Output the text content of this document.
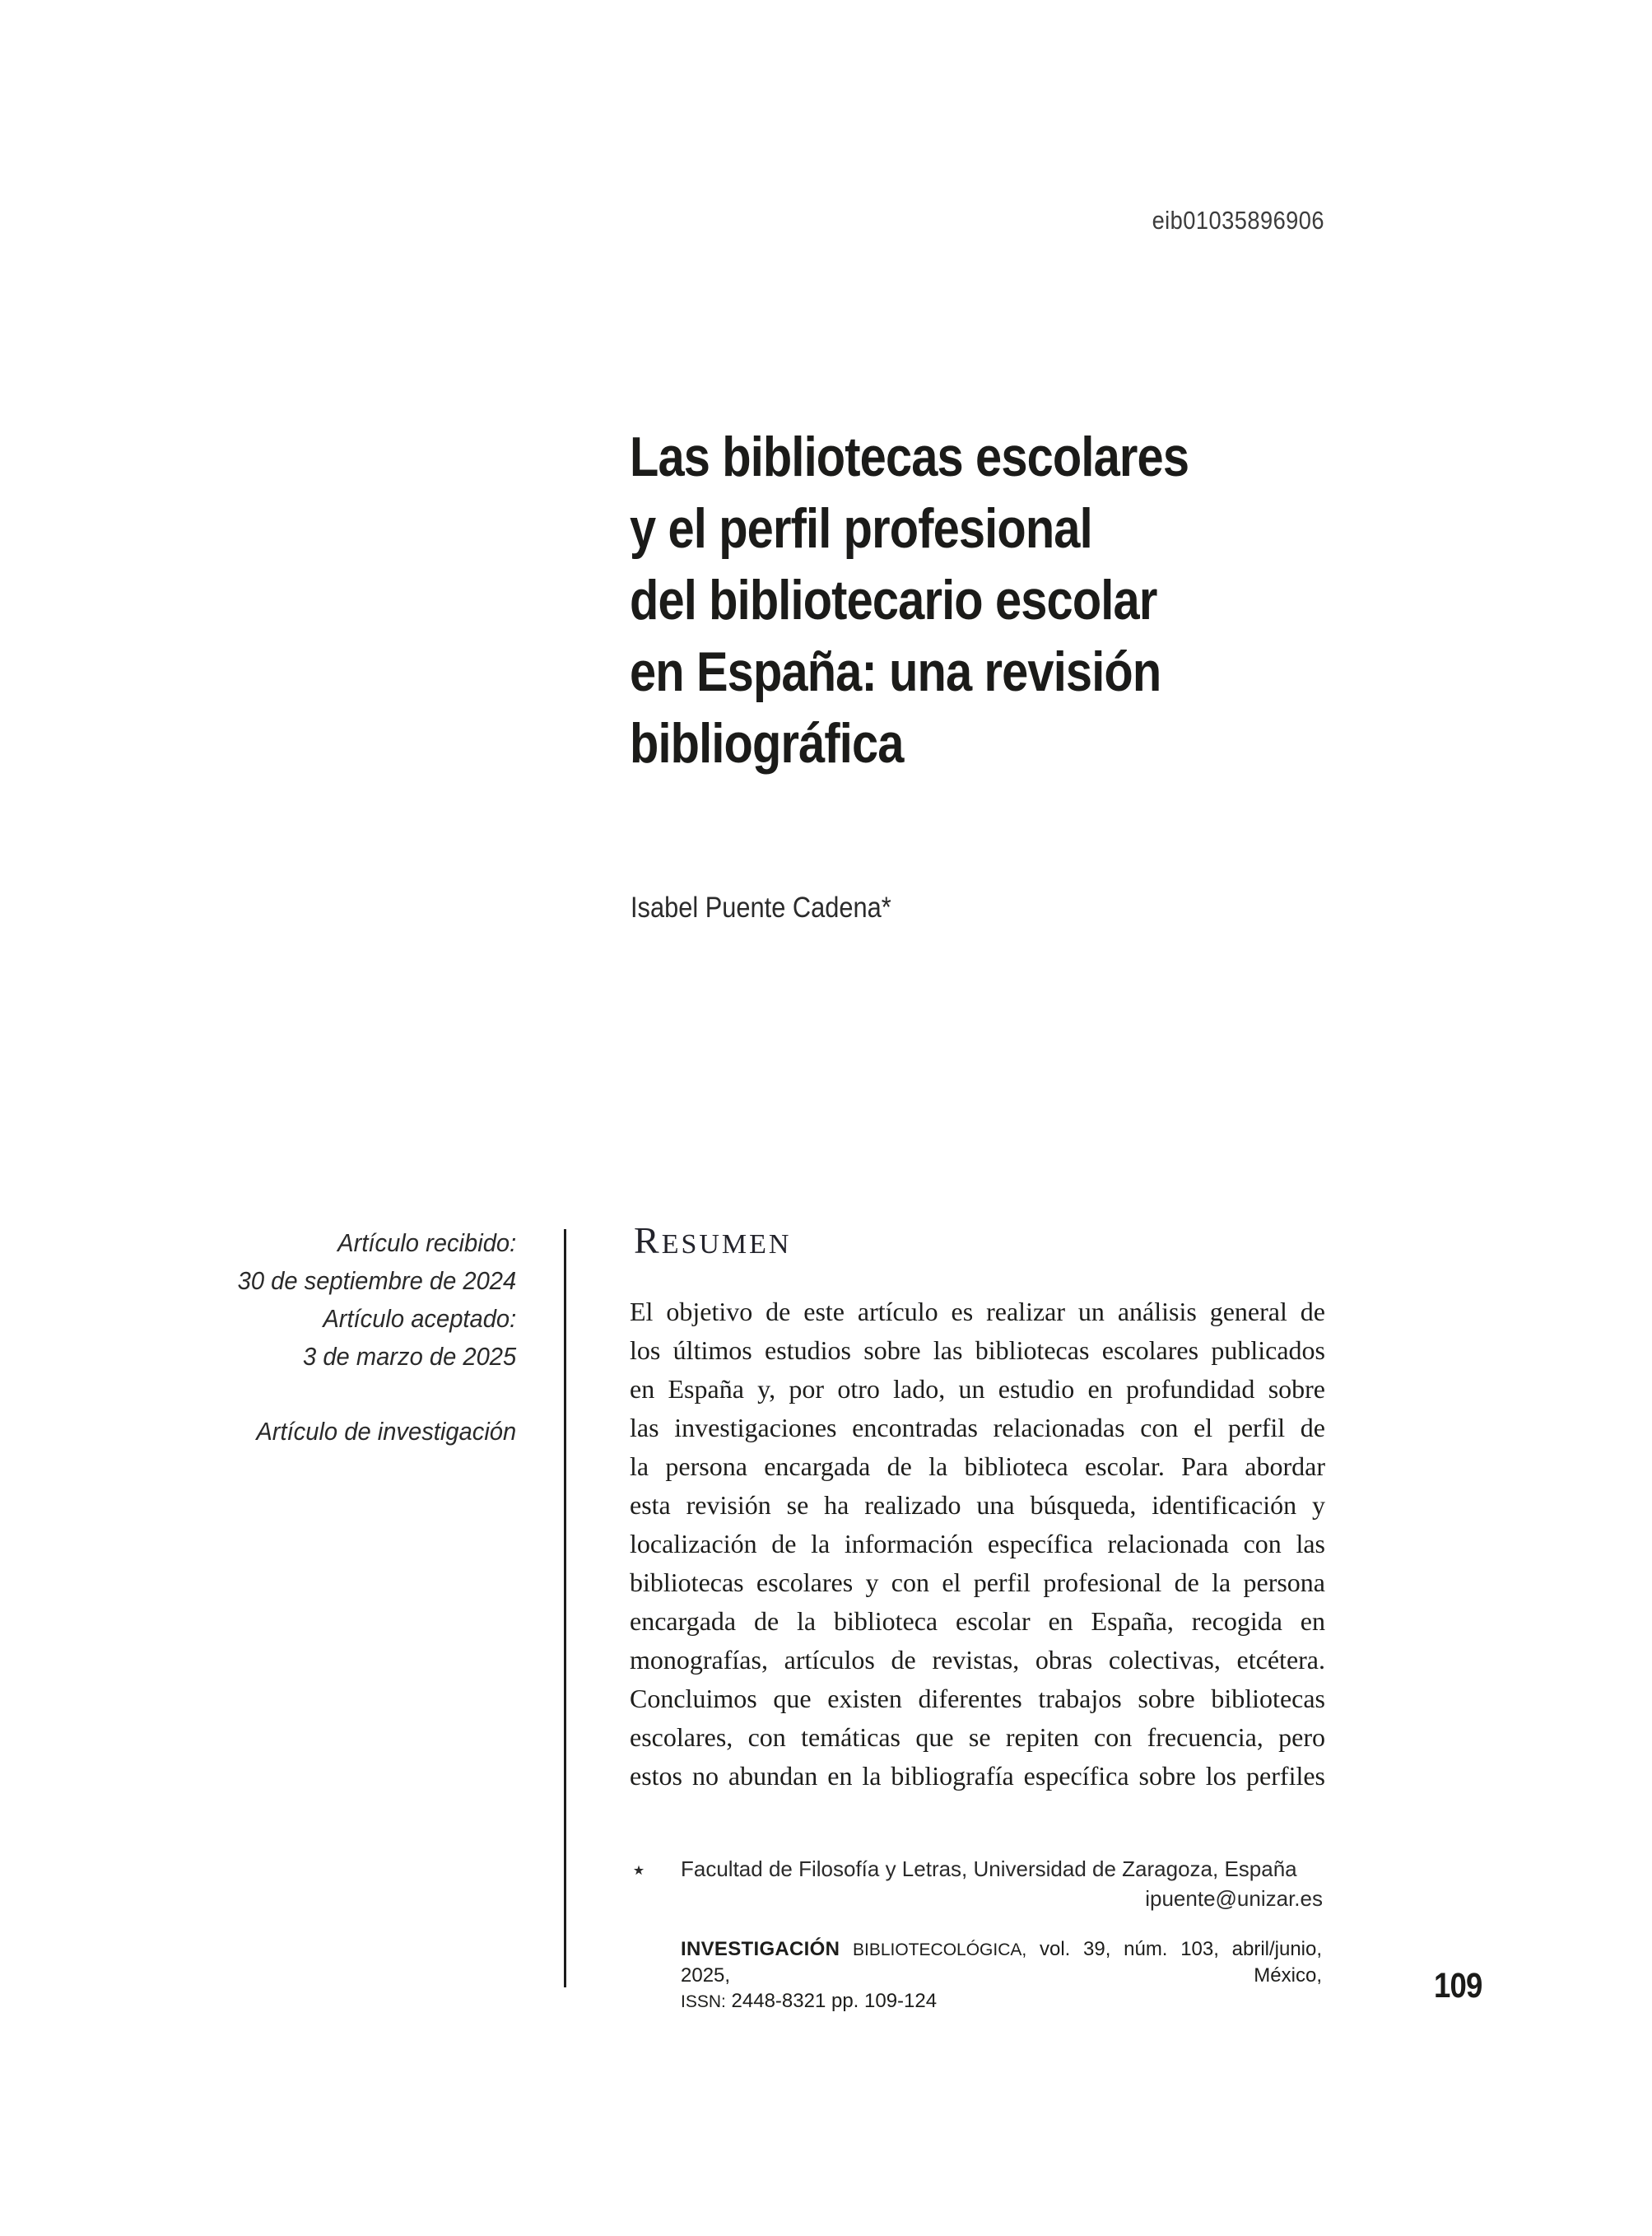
eib01035896906
Las bibliotecas escolares
y el perfil profesional
del bibliotecario escolar
en España: una revisión
bibliográfica
Isabel Puente Cadena*
Artículo recibido:
30 de septiembre de 2024
Artículo aceptado:
3 de marzo de 2025
Artículo de investigación
RESUMEN
El objetivo de este artículo es realizar un análisis general de
los últimos estudios sobre las bibliotecas escolares publicados
en España y, por otro lado, un estudio en profundidad sobre
las investigaciones encontradas relacionadas con el perfil de
la persona encargada de la biblioteca escolar. Para abordar
esta revisión se ha realizado una búsqueda, identificación y
localización de la información específica relacionada con las
bibliotecas escolares y con el perfil profesional de la persona
encargada de la biblioteca escolar en España, recogida en
monografías, artículos de revistas, obras colectivas, etcétera.
Concluimos que existen diferentes trabajos sobre bibliotecas
escolares, con temáticas que se repiten con frecuencia, pero
estos no abundan en la bibliografía específica sobre los perfiles
⋆ Facultad de Filosofía y Letras, Universidad de Zaragoza, España
ipuente@unizar.es
INVESTIGACIÓN BIBLIOTECOLÓGICA, vol. 39, núm. 103, abril/junio, 2025, México,
ISSN: 2448-8321 pp. 109-124	109
